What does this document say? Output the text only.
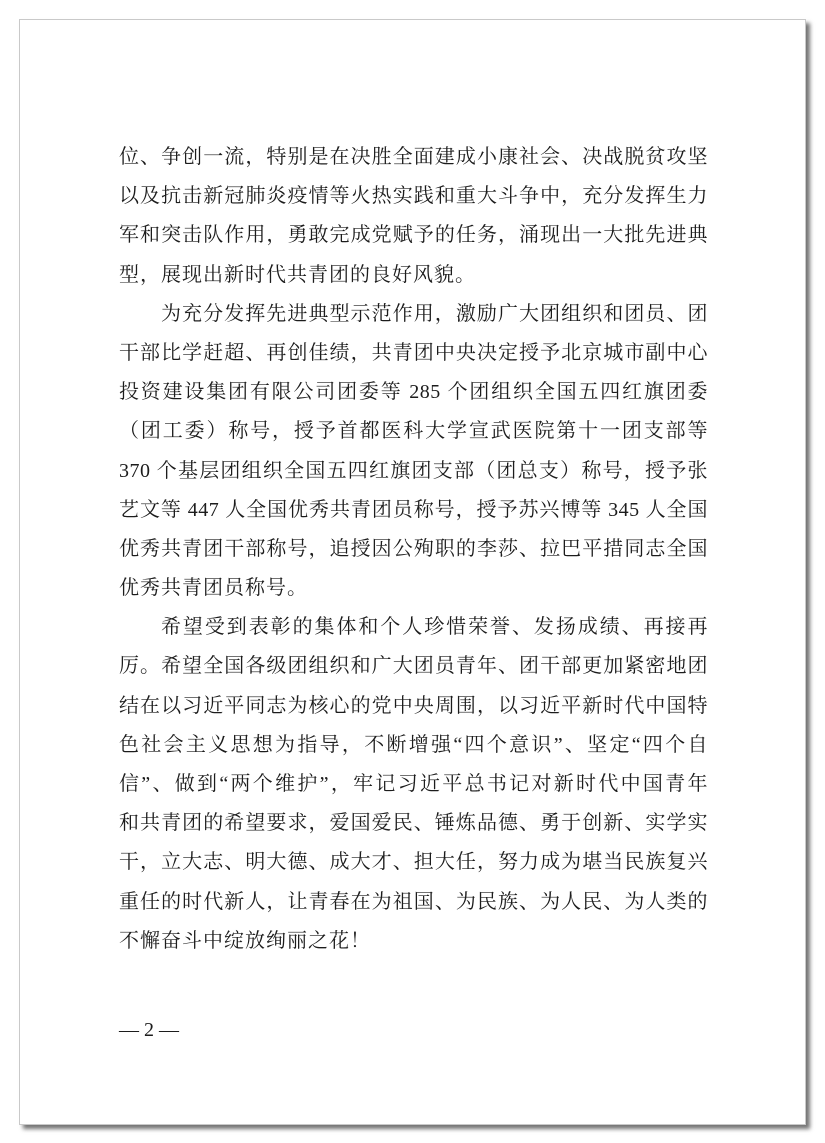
位、争创一流，特别是在决胜全面建成小康社会、决战脱贫攻坚
以及抗击新冠肺炎疫情等火热实践和重大斗争中，充分发挥生力
军和突击队作用，勇敢完成党赋予的任务，涌现出一大批先进典
型，展现出新时代共青团的良好风貌。
为充分发挥先进典型示范作用，激励广大团组织和团员、团
干部比学赶超、再创佳绩，共青团中央决定授予北京城市副中心
投资建设集团有限公司团委等 285 个团组织全国五四红旗团委
（团工委）称号，授予首都医科大学宣武医院第十一团支部等
370 个基层团组织全国五四红旗团支部（团总支）称号，授予张
艺文等 447 人全国优秀共青团员称号，授予苏兴博等 345 人全国
优秀共青团干部称号，追授因公殉职的李莎、拉巴平措同志全国
优秀共青团员称号。
希望受到表彰的集体和个人珍惜荣誉、发扬成绩、再接再
厉。希望全国各级团组织和广大团员青年、团干部更加紧密地团
结在以习近平同志为核心的党中央周围，以习近平新时代中国特
色社会主义思想为指导，不断增强“四个意识”、坚定“四个自
信”、做到“两个维护”，牢记习近平总书记对新时代中国青年
和共青团的希望要求，爱国爱民、锤炼品德、勇于创新、实学实
干，立大志、明大德、成大才、担大任，努力成为堪当民族复兴
重任的时代新人，让青春在为祖国、为民族、为人民、为人类的
不懈奋斗中绽放绚丽之花！
— 2 —
